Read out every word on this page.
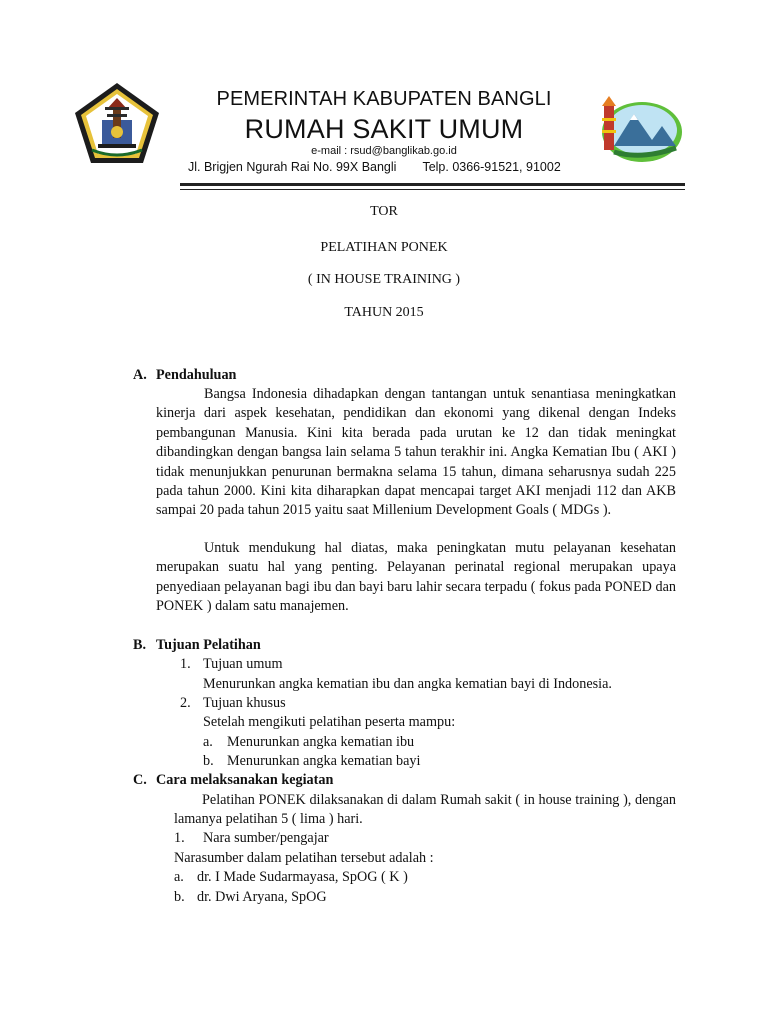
PEMERINTAH KABUPATEN BANGLI
RUMAH SAKIT UMUM
e-mail : rsud@banglikab.go.id
Jl. Brigjen Ngurah Rai No. 99X Bangli Telp. 0366-91521, 91002
TOR
PELATIHAN PONEK
( IN HOUSE TRAINING )
TAHUN 2015
A. Pendahuluan
Bangsa Indonesia dihadapkan dengan tantangan untuk senantiasa meningkatkan kinerja dari aspek kesehatan, pendidikan dan ekonomi yang dikenal dengan Indeks pembangunan Manusia. Kini kita berada pada urutan ke 12 dan tidak meningkat dibandingkan dengan bangsa lain selama 5 tahun terakhir ini. Angka Kematian Ibu ( AKI ) tidak menunjukkan penurunan bermakna selama 15 tahun, dimana seharusnya sudah 225 pada tahun 2000. Kini kita diharapkan dapat mencapai target AKI menjadi 112 dan AKB sampai 20 pada tahun 2015 yaitu saat Millenium Development Goals ( MDGs ).
Untuk mendukung hal diatas, maka peningkatan mutu pelayanan kesehatan merupakan suatu hal yang penting. Pelayanan perinatal regional merupakan upaya penyediaan pelayanan bagi ibu dan bayi baru lahir secara terpadu ( fokus pada PONED dan PONEK ) dalam satu manajemen.
B. Tujuan Pelatihan
1. Tujuan umum
Menurunkan angka kematian ibu dan angka kematian bayi di Indonesia.
2. Tujuan khusus
Setelah mengikuti pelatihan peserta mampu:
a. Menurunkan angka kematian ibu
b. Menurunkan angka kematian bayi
C. Cara melaksanakan kegiatan
Pelatihan PONEK dilaksanakan di dalam Rumah sakit ( in house training ), dengan lamanya pelatihan 5 ( lima ) hari.
1. Nara sumber/pengajar
Narasumber dalam pelatihan tersebut adalah :
a. dr. I Made Sudarmayasa, SpOG ( K )
b. dr. Dwi Aryana, SpOG
